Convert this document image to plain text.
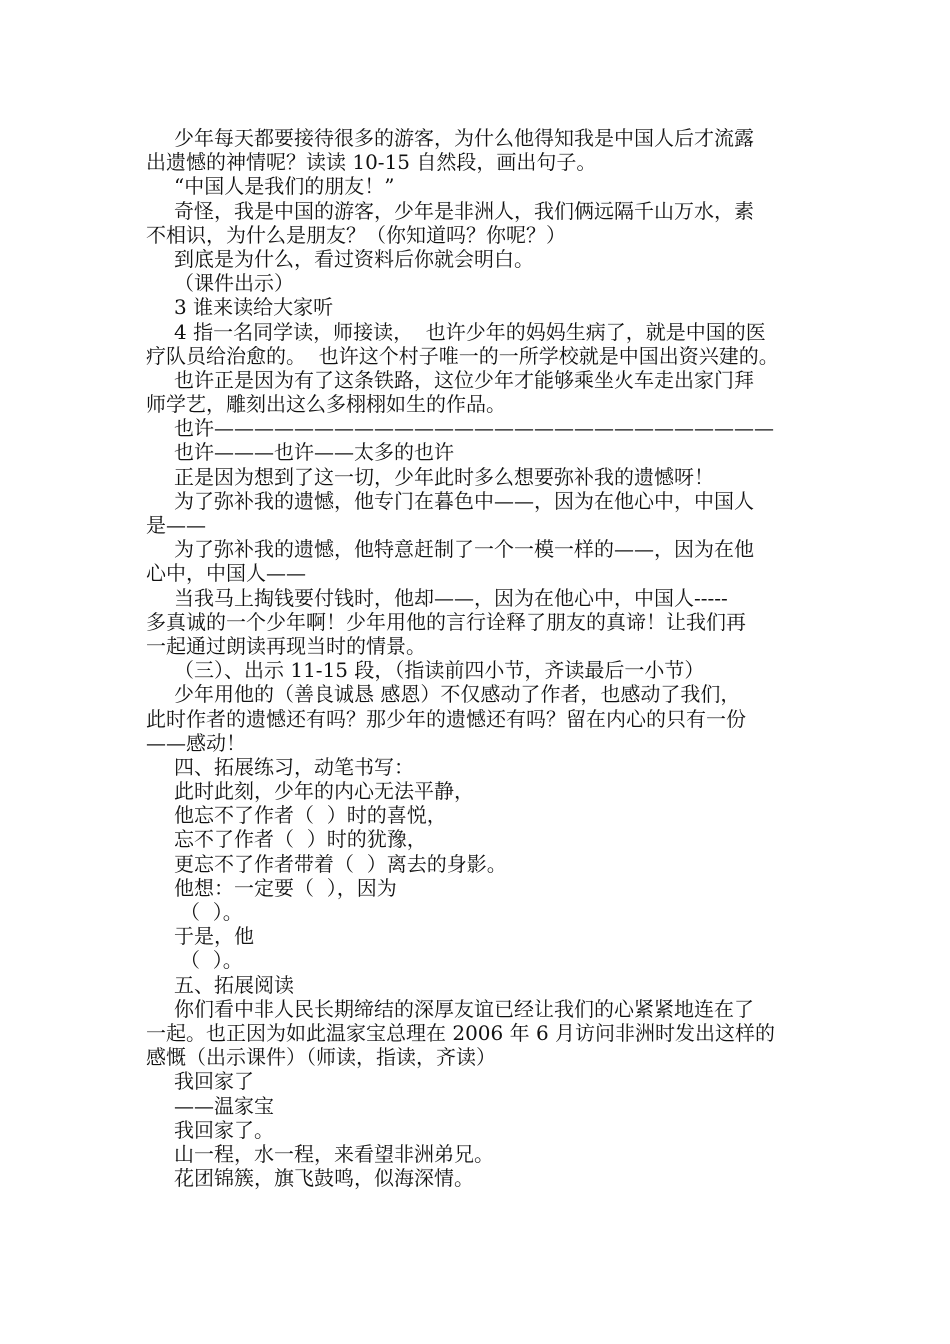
少年每天都要接待很多的游客，为什么他得知我是中国人后才流露
出遗憾的神情呢？读读 10-15 自然段，画出句子。
“中国人是我们的朋友！”
奇怪，我是中国的游客，少年是非洲人，我们俩远隔千山万水，素
不相识，为什么是朋友？（你知道吗？你呢？）
到底是为什么，看过资料后你就会明白。
（课件出示）
3 谁来读给大家听
4 指一名同学读，师接读，  也许少年的妈妈生病了，就是中国的医
疗队员给治愈的。  也许这个村子唯一的一所学校就是中国出资兴建的。
也许正是因为有了这条铁路，这位少年才能够乘坐火车走出家门拜
师学艺，雕刻出这么多栩栩如生的作品。
也许————————————————————————————
也许———也许——太多的也许
正是因为想到了这一切，少年此时多么想要弥补我的遗憾呀！
为了弥补我的遗憾，他专门在暮色中——，因为在他心中，中国人
是——
为了弥补我的遗憾，他特意赶制了一个一模一样的——，因为在他
心中，中国人——
当我马上掏钱要付钱时，他却——，因为在他心中，中国人-----
多真诚的一个少年啊！少年用他的言行诠释了朋友的真谛！让我们再
一起通过朗读再现当时的情景。
（三）、出示 11-15 段，（指读前四小节，齐读最后一小节）
少年用他的（善良诚恳 感恩）不仅感动了作者，也感动了我们，
此时作者的遗憾还有吗？那少年的遗憾还有吗？留在内心的只有一份
——感动！
四、拓展练习，动笔书写：
此时此刻，少年的内心无法平静，
他忘不了作者（  ）时的喜悦，
忘不了作者（  ）时的犹豫，
更忘不了作者带着（  ）离去的身影。
他想：一定要（  ），因为
（  ）。
于是，他
（  ）。
五、拓展阅读
你们看中非人民长期缔结的深厚友谊已经让我们的心紧紧地连在了
一起。也正因为如此温家宝总理在 2006 年 6 月访问非洲时发出这样的
感慨（出示课件）（师读，指读，齐读）
我回家了
——温家宝
我回家了。
山一程，水一程，来看望非洲弟兄。
花团锦簇，旗飞鼓鸣，似海深情。
